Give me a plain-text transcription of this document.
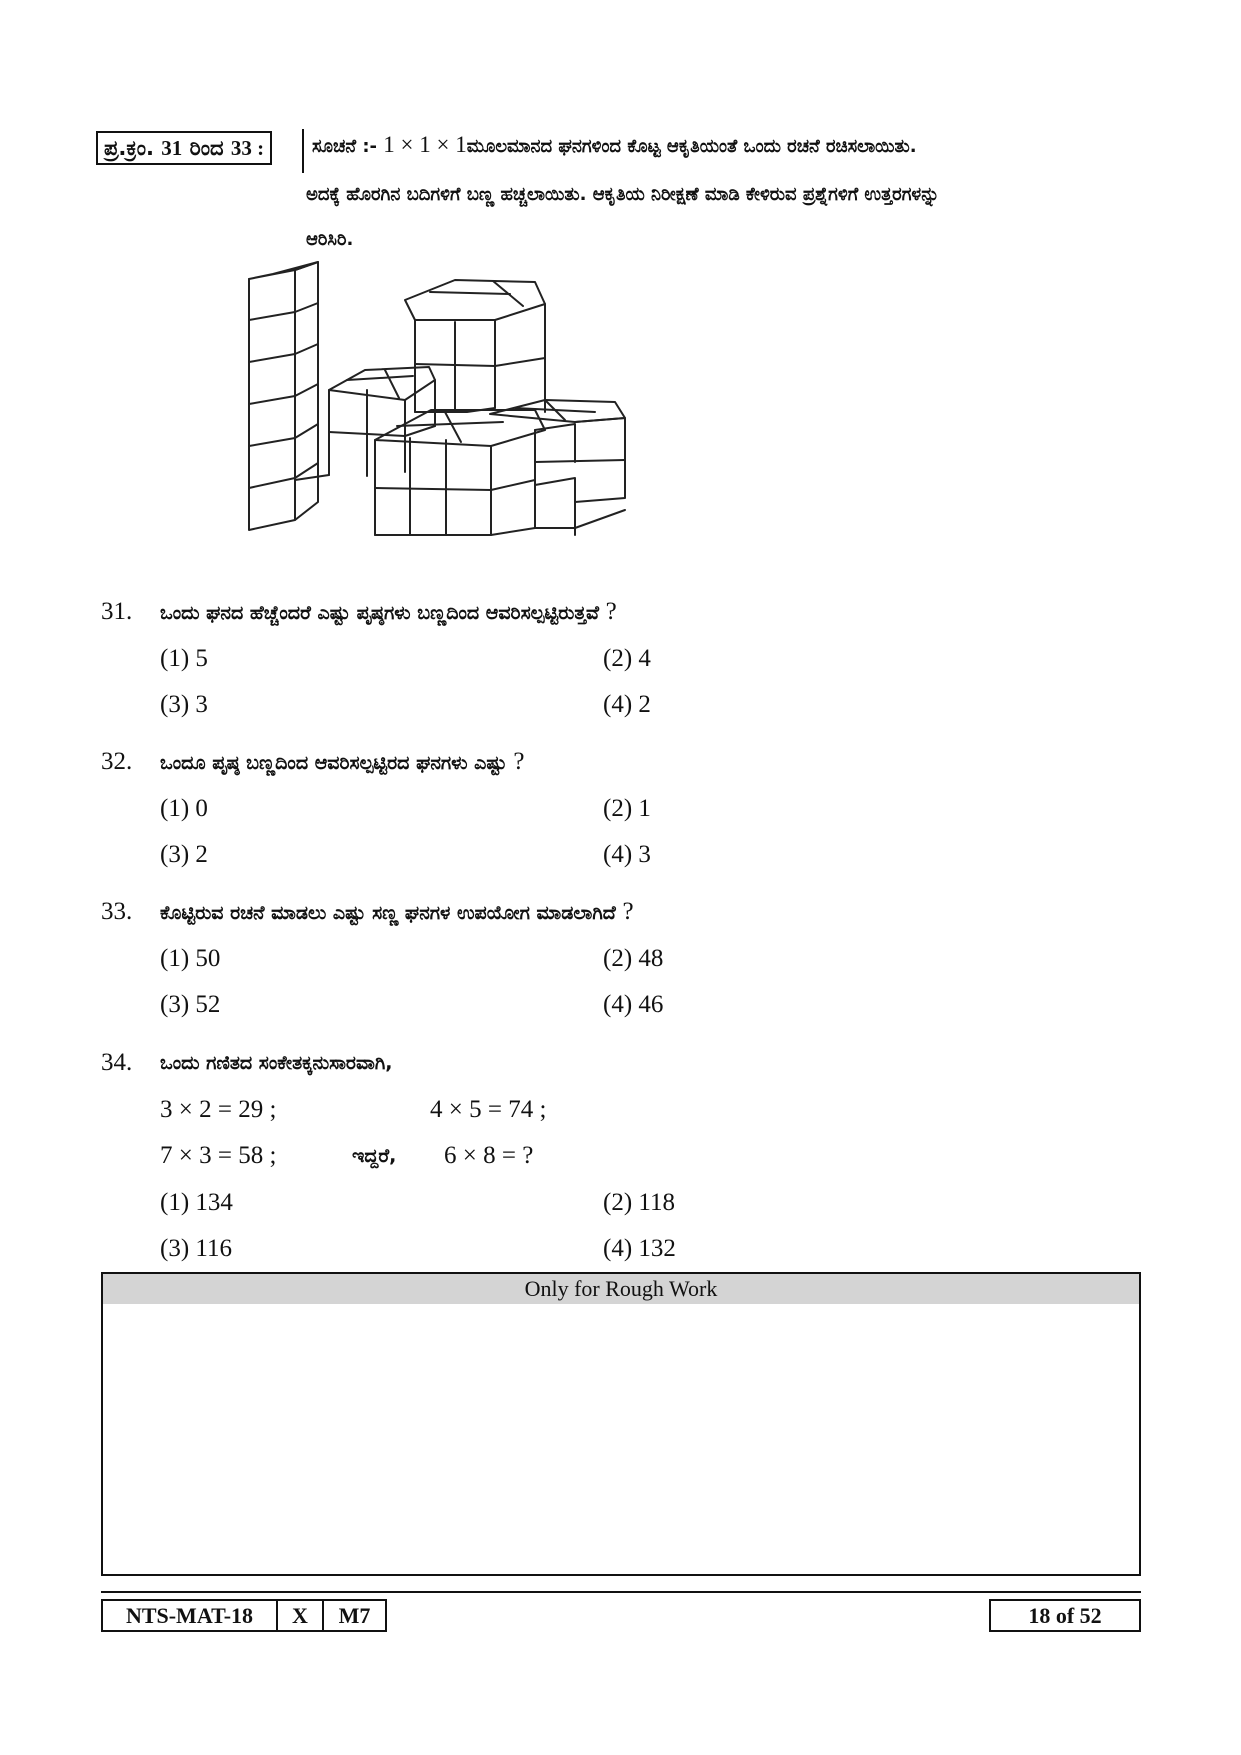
ಪ್ರ.ಕ್ರಂ. 31 ರಿಂದ 33 :	ಸೂಚನೆ :- 1 × 1 × 1ಮೂಲಮಾನದ ಘನಗಳಿಂದ ಕೊಟ್ಟ ಆಕೃತಿಯಂತೆ ಒಂದು ರಚನೆ ರಚಿಸಲಾಯಿತು.
ಅದಕ್ಕೆ ಹೊರಗಿನ ಬದಿಗಳಿಗೆ ಬಣ್ಣ ಹಚ್ಚಲಾಯಿತು. ಆಕೃತಿಯ ನಿರೀಕ್ಷಣೆ ಮಾಡಿ ಕೇಳಿರುವ ಪ್ರಶ್ನೆಗಳಿಗೆ ಉತ್ತರಗಳನ್ನು
ಆರಿಸಿರಿ.
31. ಒಂದು ಘನದ ಹೆಚ್ಚೆಂದರೆ ಎಷ್ಟು ಪೃಷ್ಠಗಳು ಬಣ್ಣದಿಂದ ಆವರಿಸಲ್ಪಟ್ಟಿರುತ್ತವೆ ?
(1) 5	(2) 4
(3) 3	(4) 2
32. ಒಂದೂ ಪೃಷ್ಠ ಬಣ್ಣದಿಂದ ಆವರಿಸಲ್ಪಟ್ಟಿರದ ಘನಗಳು ಎಷ್ಟು ?
(1) 0	(2) 1
(3) 2	(4) 3
33. ಕೊಟ್ಟಿರುವ ರಚನೆ ಮಾಡಲು ಎಷ್ಟು ಸಣ್ಣ ಘನಗಳ ಉಪಯೋಗ ಮಾಡಲಾಗಿದೆ ?
(1) 50	(2) 48
(3) 52	(4) 46
34. ಒಂದು ಗಣಿತದ ಸಂಕೇತಕ್ಕನುಸಾರವಾಗಿ,
3 × 2 = 29 ;	4 × 5 = 74 ;
7 × 3 = 58 ;	ಇದ್ದರೆ, 6 × 8 = ?
(1) 134	(2) 118
(3) 116	(4) 132
Only for Rough Work
NTS-MAT-18	X	M7	18 of 52
